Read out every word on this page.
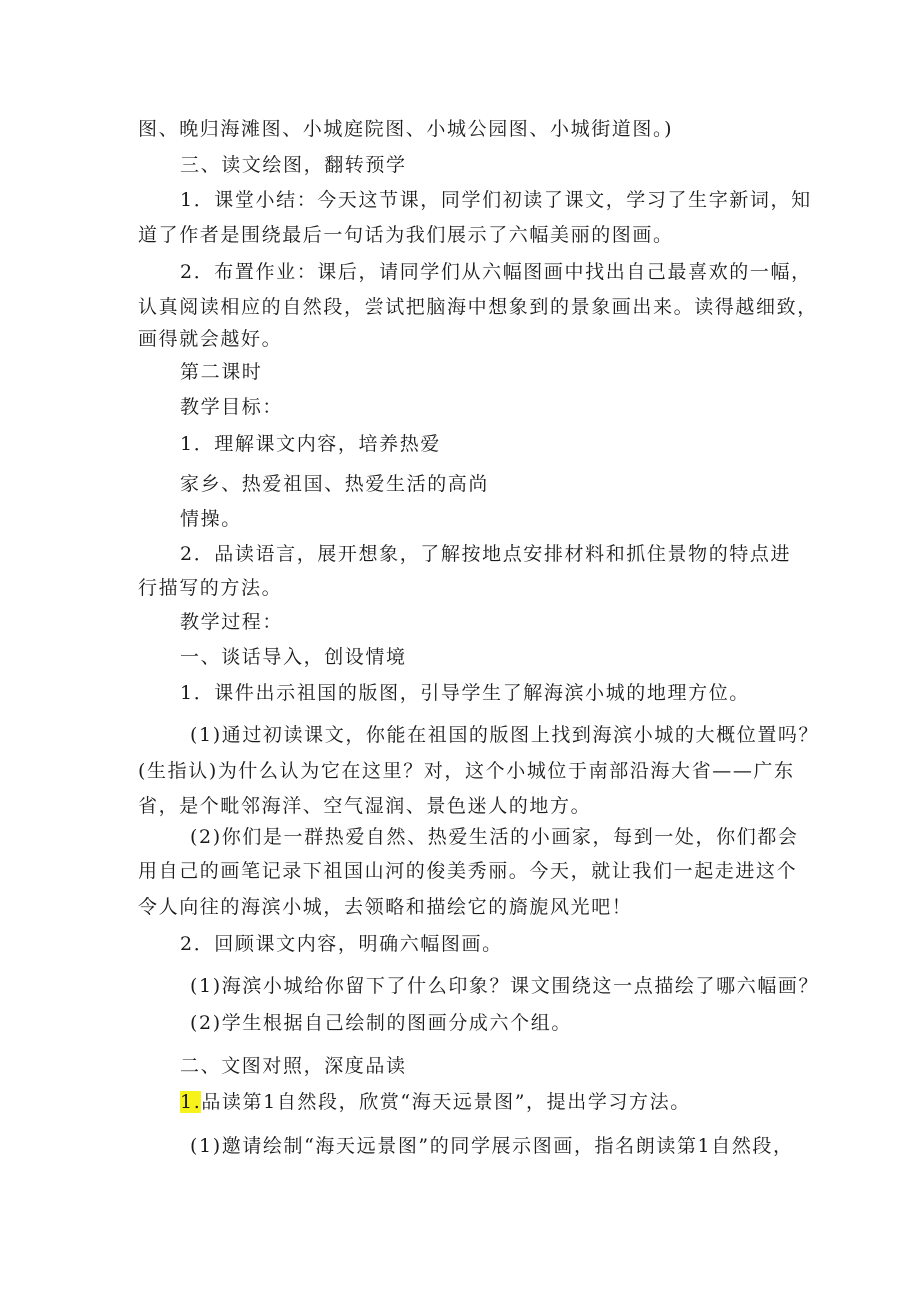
图、晚归海滩图、小城庭院图、小城公园图、小城街道图。)
三、读文绘图，翻转预学
1．课堂小结：今天这节课，同学们初读了课文，学习了生字新词，知
道了作者是围绕最后一句话为我们展示了六幅美丽的图画。
2．布置作业：课后，请同学们从六幅图画中找出自己最喜欢的一幅，
认真阅读相应的自然段，尝试把脑海中想象到的景象画出来。读得越细致，
画得就会越好。
第二课时
教学目标：
1．理解课文内容，培养热爱
家乡、热爱祖国、热爱生活的高尚
情操。
2．品读语言，展开想象，了解按地点安排材料和抓住景物的特点进
行描写的方法。
教学过程：
一、谈话导入，创设情境
1．课件出示祖国的版图，引导学生了解海滨小城的地理方位。
(1)通过初读课文，你能在祖国的版图上找到海滨小城的大概位置吗？
(生指认)为什么认为它在这里？对，这个小城位于南部沿海大省——广东
省，是个毗邻海洋、空气湿润、景色迷人的地方。
(2)你们是一群热爱自然、热爱生活的小画家，每到一处，你们都会
用自己的画笔记录下祖国山河的俊美秀丽。今天，就让我们一起走进这个
令人向往的海滨小城，去领略和描绘它的旖旎风光吧！
2．回顾课文内容，明确六幅图画。
(1)海滨小城给你留下了什么印象？课文围绕这一点描绘了哪六幅画？
(2)学生根据自己绘制的图画分成六个组。
二、文图对照，深度品读
1.品读第1自然段，欣赏“海天远景图”，提出学习方法。
(1)邀请绘制“海天远景图”的同学展示图画，指名朗读第1自然段，
